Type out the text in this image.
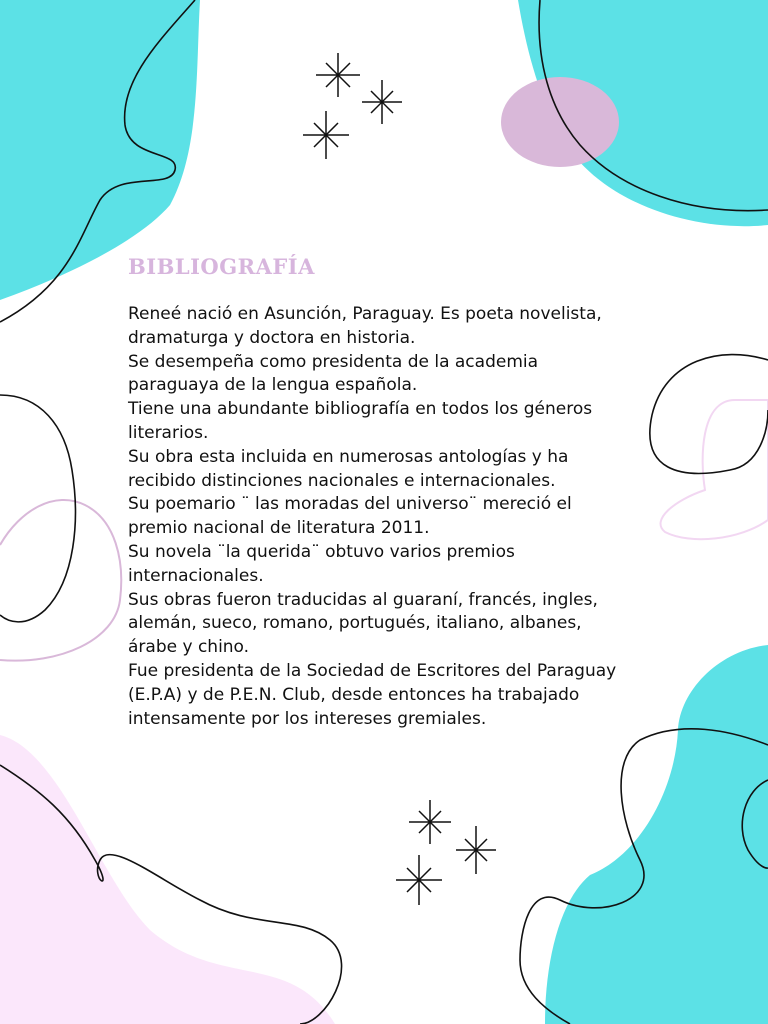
BIBLIOGRAFÍA
Reneé nació en Asunción, Paraguay. Es poeta novelista,
dramaturga y doctora en historia.
Se desempeña como presidenta de la academia
paraguaya de la lengua española.
Tiene una abundante bibliografía en todos los géneros
literarios.
Su obra esta incluida en numerosas antologías y ha
recibido distinciones nacionales e internacionales.
Su poemario ¨ las moradas del universo¨ mereció el
premio nacional de literatura 2011.
Su novela ¨la querida¨ obtuvo varios premios
internacionales.
Sus obras fueron traducidas al guaraní, francés, ingles,
alemán, sueco, romano, portugués, italiano, albanes,
árabe y chino.
Fue presidenta de la Sociedad de Escritores del Paraguay
(E.P.A) y de P.E.N. Club, desde entonces ha trabajado
intensamente por los intereses gremiales.
